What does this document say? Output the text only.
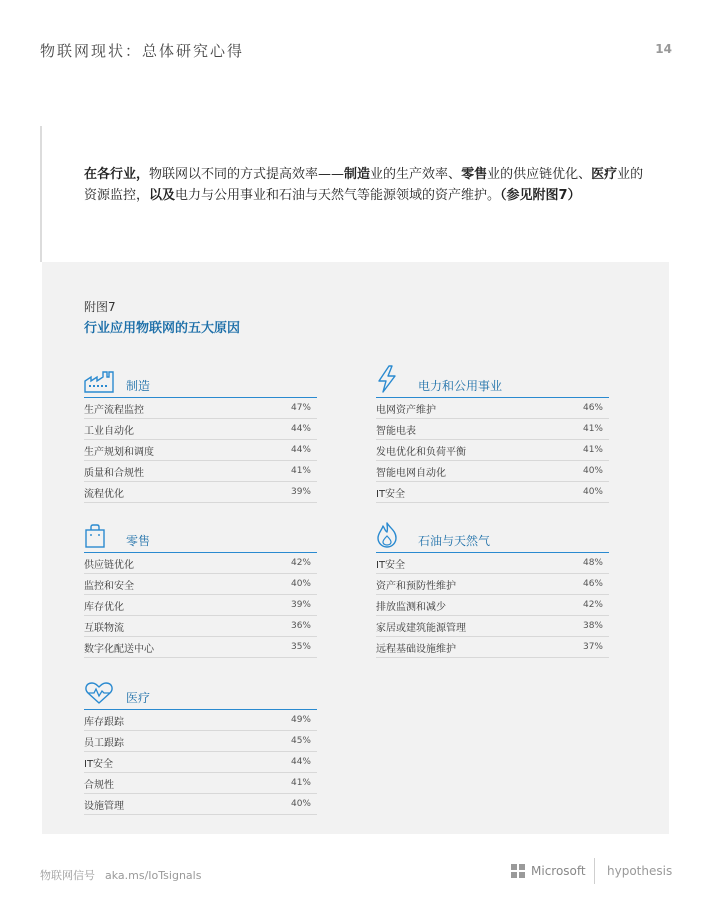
物联网现状：总体研究心得	14

在各行业，物联网以不同的方式提高效率——制造业的生产效率、零售业的供应链优化、医疗业的资源监控，以及电力与公用事业和石油与天然气等能源领域的资产维护。（参见附图7）

附图7
行业应用物联网的五大原因
制造
生产流程监控	47%
工业自动化	44%
生产规划和调度	44%
质量和合规性	41%
流程优化	39%
电力和公用事业
电网资产维护	46%
智能电表	41%
发电优化和负荷平衡	41%
智能电网自动化	40%
IT安全	40%
零售
供应链优化	42%
监控和安全	40%
库存优化	39%
互联物流	36%
数字化配送中心	35%
石油与天然气
IT安全	48%
资产和预防性维护	46%
排放监测和减少	42%
家居或建筑能源管理	38%
远程基础设施维护	37%
医疗
库存跟踪	49%
员工跟踪	45%
IT安全	44%
合规性	41%
设施管理	40%
物联网信号 aka.ms/IoTsignals	Microsoft hypothesis
